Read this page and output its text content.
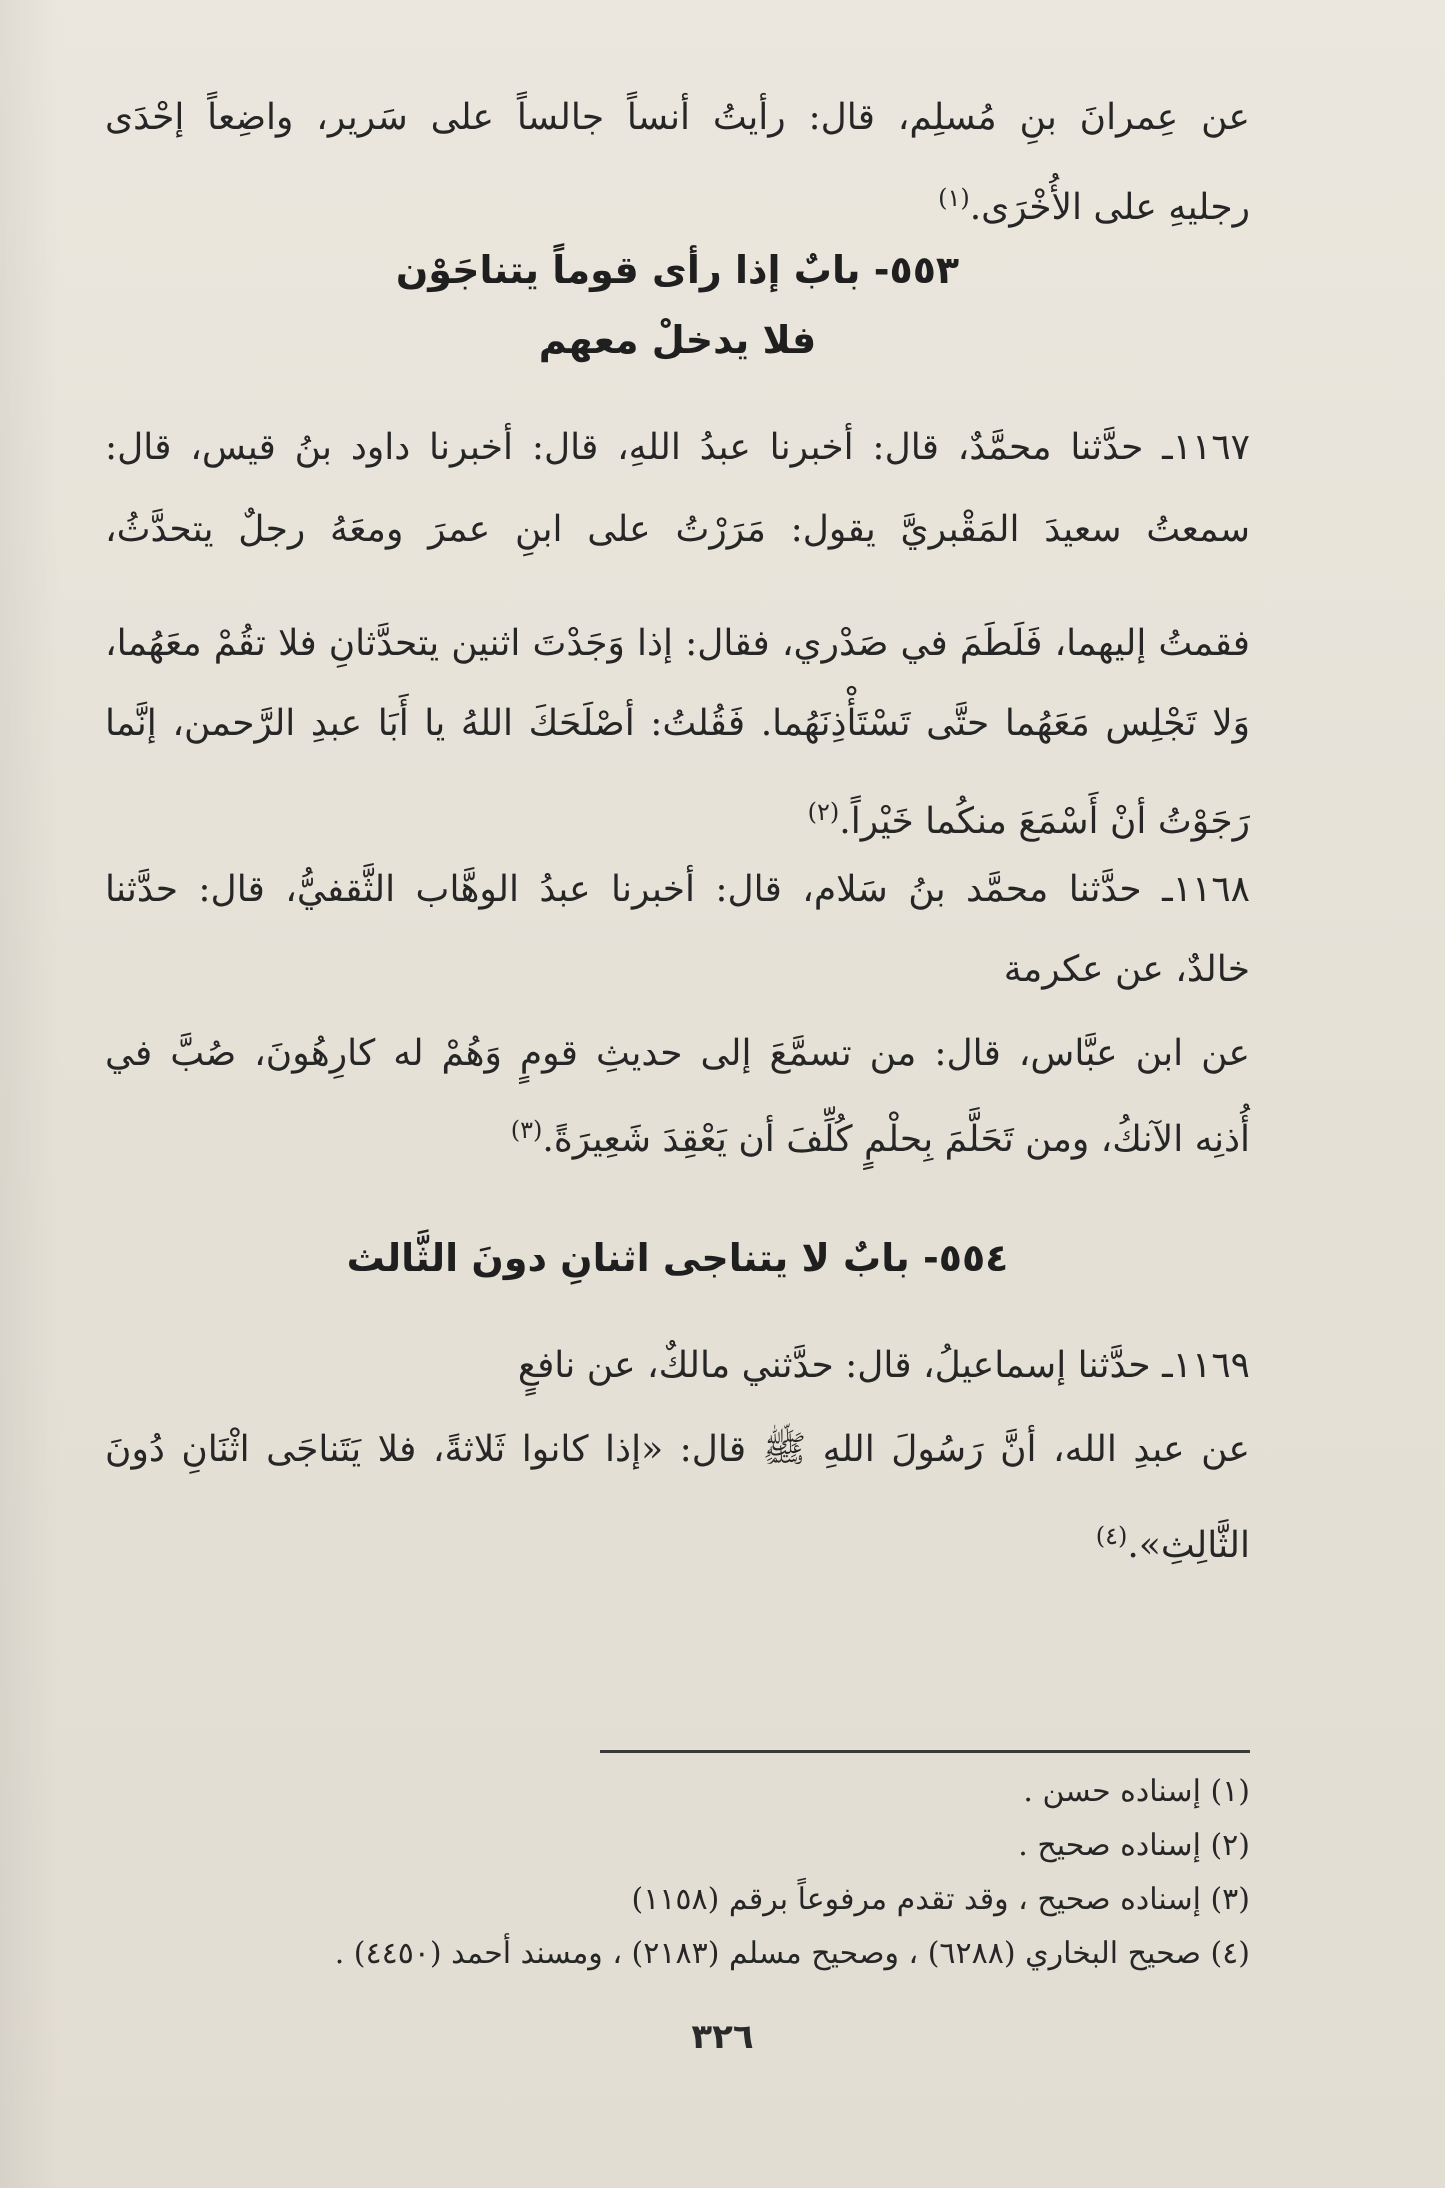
عن عِمرانَ بنِ مُسلِم، قال: رأيتُ أنساً جالساً على سَرير، واضِعاً إحْدَى
رجليهِ على الأُخْرَى.$^{(١)}$
٥٥٣- بابٌ إذا رأى قوماً يتناجَوْن
فلا يدخلْ معهم
١١٦٧ـ حدَّثنا محمَّدٌ، قال: أخبرنا عبدُ اللهِ، قال: أخبرنا داود بنُ قيس، قال:
سمعتُ سعيدَ المَقْبريَّ يقول: مَرَرْتُ على ابنِ عمرَ ومعَهُ رجلٌ يتحدَّثُ،
فقمتُ إليهما، فَلَطَمَ في صَدْري، فقال: إذا وَجَدْتَ اثنين يتحدَّثانِ فلا تقُمْ معَهُما،
وَلا تَجْلِس مَعَهُما حتَّى تَسْتَأْذِنَهُما. فَقُلتُ: أصْلَحَكَ اللهُ يا أَبَا عبدِ الرَّحمن، إنَّما
رَجَوْتُ أنْ أَسْمَعَ منكُما خَيْراً.$^{(٢)}$
١١٦٨ـ حدَّثنا محمَّد بنُ سَلام، قال: أخبرنا عبدُ الوهَّاب الثَّقفيُّ، قال: حدَّثنا
خالدٌ، عن عكرمة
عن ابن عبَّاس، قال: من تسمَّعَ إلى حديثِ قومٍ وَهُمْ له كارِهُونَ، صُبَّ في
أُذنِه الآنكُ، ومن تَحَلَّمَ بِحلْمٍ كُلِّفَ أن يَعْقِدَ شَعِيرَةً.$^{(٣)}$
٥٥٤- بابٌ لا يتناجى اثنانِ دونَ الثَّالث
١١٦٩ـ حدَّثنا إسماعيلُ، قال: حدَّثني مالكٌ، عن نافعٍ
عن عبدِ الله، أنَّ رَسُولَ اللهِ ﷺ قال: «إذا كانوا ثَلاثةً، فلا يَتَناجَى اثْنَانِ دُونَ
الثَّالِثِ».$^{(٤)}$
(١) إسناده حسن .
(٢) إسناده صحيح .
(٣) إسناده صحيح ، وقد تقدم مرفوعاً برقم (١١٥٨)
(٤) صحيح البخاري (٦٢٨٨) ، وصحيح مسلم (٢١٨٣) ، ومسند أحمد (٤٤٥٠) .
٣٢٦
